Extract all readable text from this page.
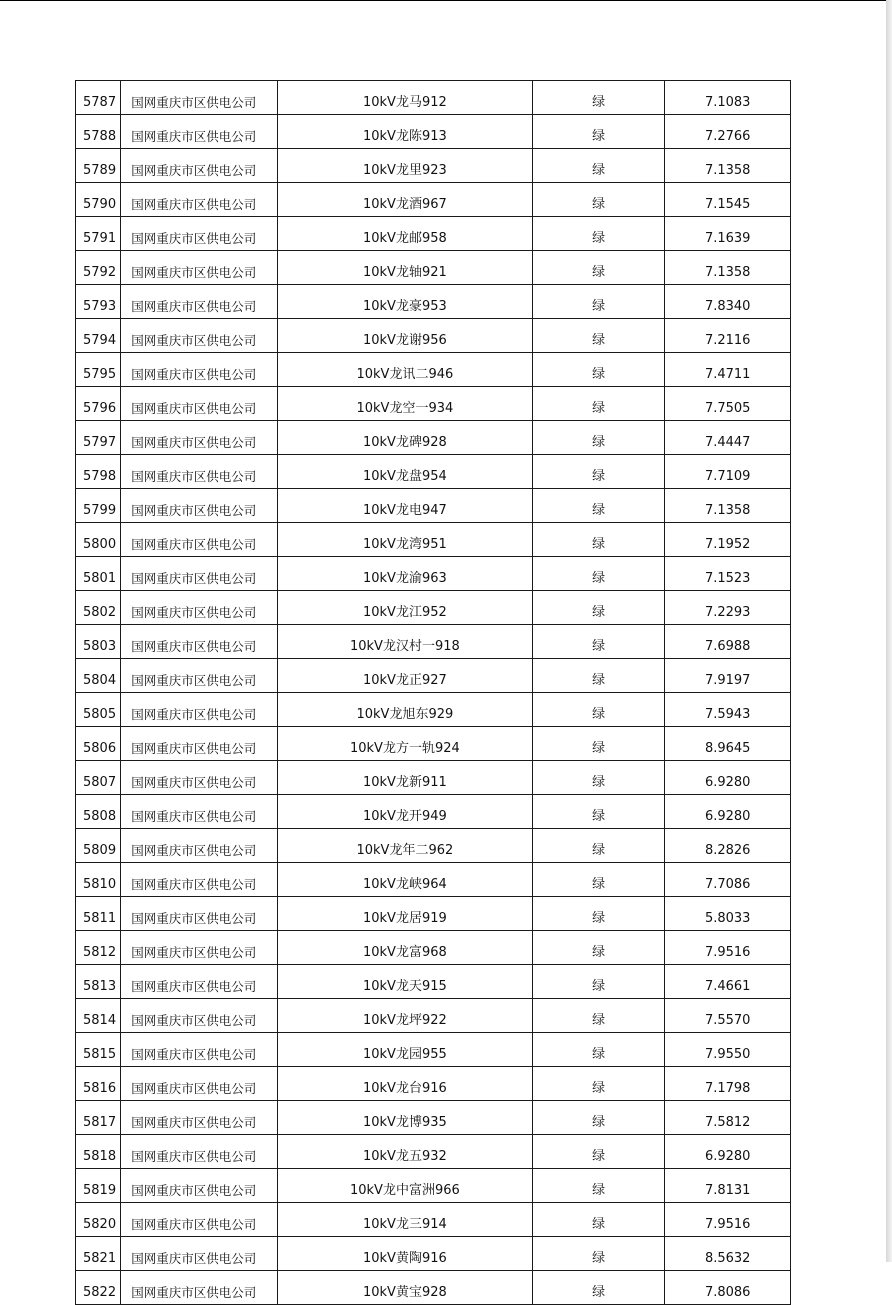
5787	国网重庆市区供电公司	10kV龙马912	绿	7.1083
5788	国网重庆市区供电公司	10kV龙陈913	绿	7.2766
5789	国网重庆市区供电公司	10kV龙里923	绿	7.1358
5790	国网重庆市区供电公司	10kV龙酒967	绿	7.1545
5791	国网重庆市区供电公司	10kV龙邮958	绿	7.1639
5792	国网重庆市区供电公司	10kV龙轴921	绿	7.1358
5793	国网重庆市区供电公司	10kV龙豪953	绿	7.8340
5794	国网重庆市区供电公司	10kV龙谢956	绿	7.2116
5795	国网重庆市区供电公司	10kV龙讯二946	绿	7.4711
5796	国网重庆市区供电公司	10kV龙空一934	绿	7.7505
5797	国网重庆市区供电公司	10kV龙碑928	绿	7.4447
5798	国网重庆市区供电公司	10kV龙盘954	绿	7.7109
5799	国网重庆市区供电公司	10kV龙电947	绿	7.1358
5800	国网重庆市区供电公司	10kV龙湾951	绿	7.1952
5801	国网重庆市区供电公司	10kV龙渝963	绿	7.1523
5802	国网重庆市区供电公司	10kV龙江952	绿	7.2293
5803	国网重庆市区供电公司	10kV龙汉村一918	绿	7.6988
5804	国网重庆市区供电公司	10kV龙正927	绿	7.9197
5805	国网重庆市区供电公司	10kV龙旭东929	绿	7.5943
5806	国网重庆市区供电公司	10kV龙方一轨924	绿	8.9645
5807	国网重庆市区供电公司	10kV龙新911	绿	6.9280
5808	国网重庆市区供电公司	10kV龙开949	绿	6.9280
5809	国网重庆市区供电公司	10kV龙年二962	绿	8.2826
5810	国网重庆市区供电公司	10kV龙峡964	绿	7.7086
5811	国网重庆市区供电公司	10kV龙居919	绿	5.8033
5812	国网重庆市区供电公司	10kV龙富968	绿	7.9516
5813	国网重庆市区供电公司	10kV龙天915	绿	7.4661
5814	国网重庆市区供电公司	10kV龙坪922	绿	7.5570
5815	国网重庆市区供电公司	10kV龙园955	绿	7.9550
5816	国网重庆市区供电公司	10kV龙台916	绿	7.1798
5817	国网重庆市区供电公司	10kV龙博935	绿	7.5812
5818	国网重庆市区供电公司	10kV龙五932	绿	6.9280
5819	国网重庆市区供电公司	10kV龙中富洲966	绿	7.8131
5820	国网重庆市区供电公司	10kV龙三914	绿	7.9516
5821	国网重庆市区供电公司	10kV黄陶916	绿	8.5632
5822	国网重庆市区供电公司	10kV黄宝928	绿	7.8086
